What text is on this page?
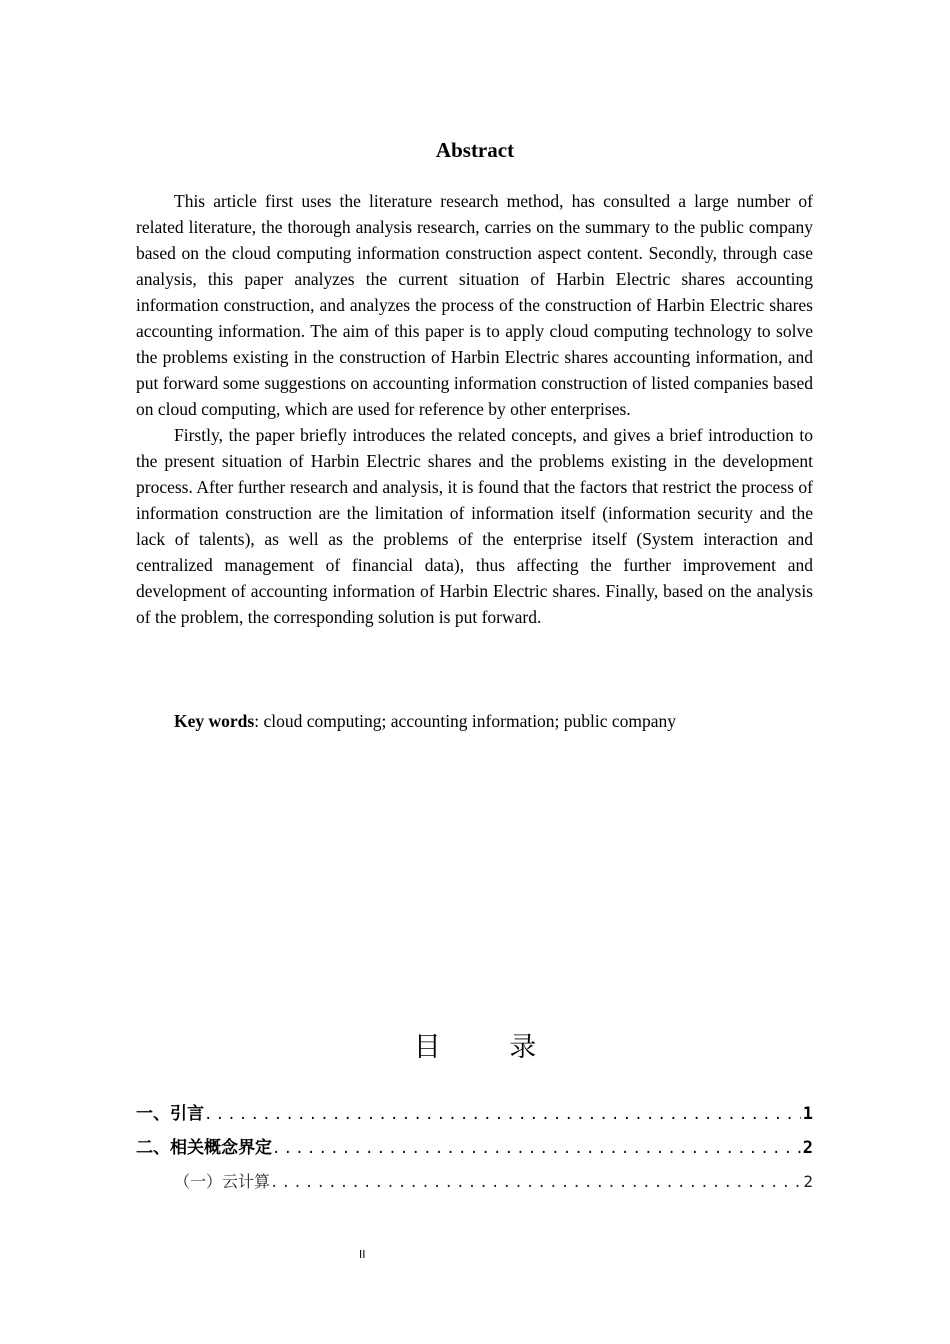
Abstract

This article first uses the literature research method, has consulted a large number of related literature, the thorough analysis research, carries on the summary to the public company based on the cloud computing information construction aspect content. Secondly, through case analysis, this paper analyzes the current situation of Harbin Electric shares accounting information construction, and analyzes the process of the construction of Harbin Electric shares accounting information. The aim of this paper is to apply cloud computing technology to solve the problems existing in the construction of Harbin Electric shares accounting information, and put forward some suggestions on accounting information construction of listed companies based on cloud computing, which are used for reference by other enterprises.

Firstly, the paper briefly introduces the related concepts, and gives a brief introduction to the present situation of Harbin Electric shares and the problems existing in the development process. After further research and analysis, it is found that the factors that restrict the process of information construction are the limitation of information itself (information security and the lack of talents), as well as the problems of the enterprise itself (System interaction and centralized management of financial data), thus affecting the further improvement and development of accounting information of Harbin Electric shares. Finally, based on the analysis of the problem, the corresponding solution is put forward.

Key words: cloud computing; accounting information; public company
目 录
一、引言 .....	1
二、相关概念界定 .....	2
（一）云计算 .....	2
II
